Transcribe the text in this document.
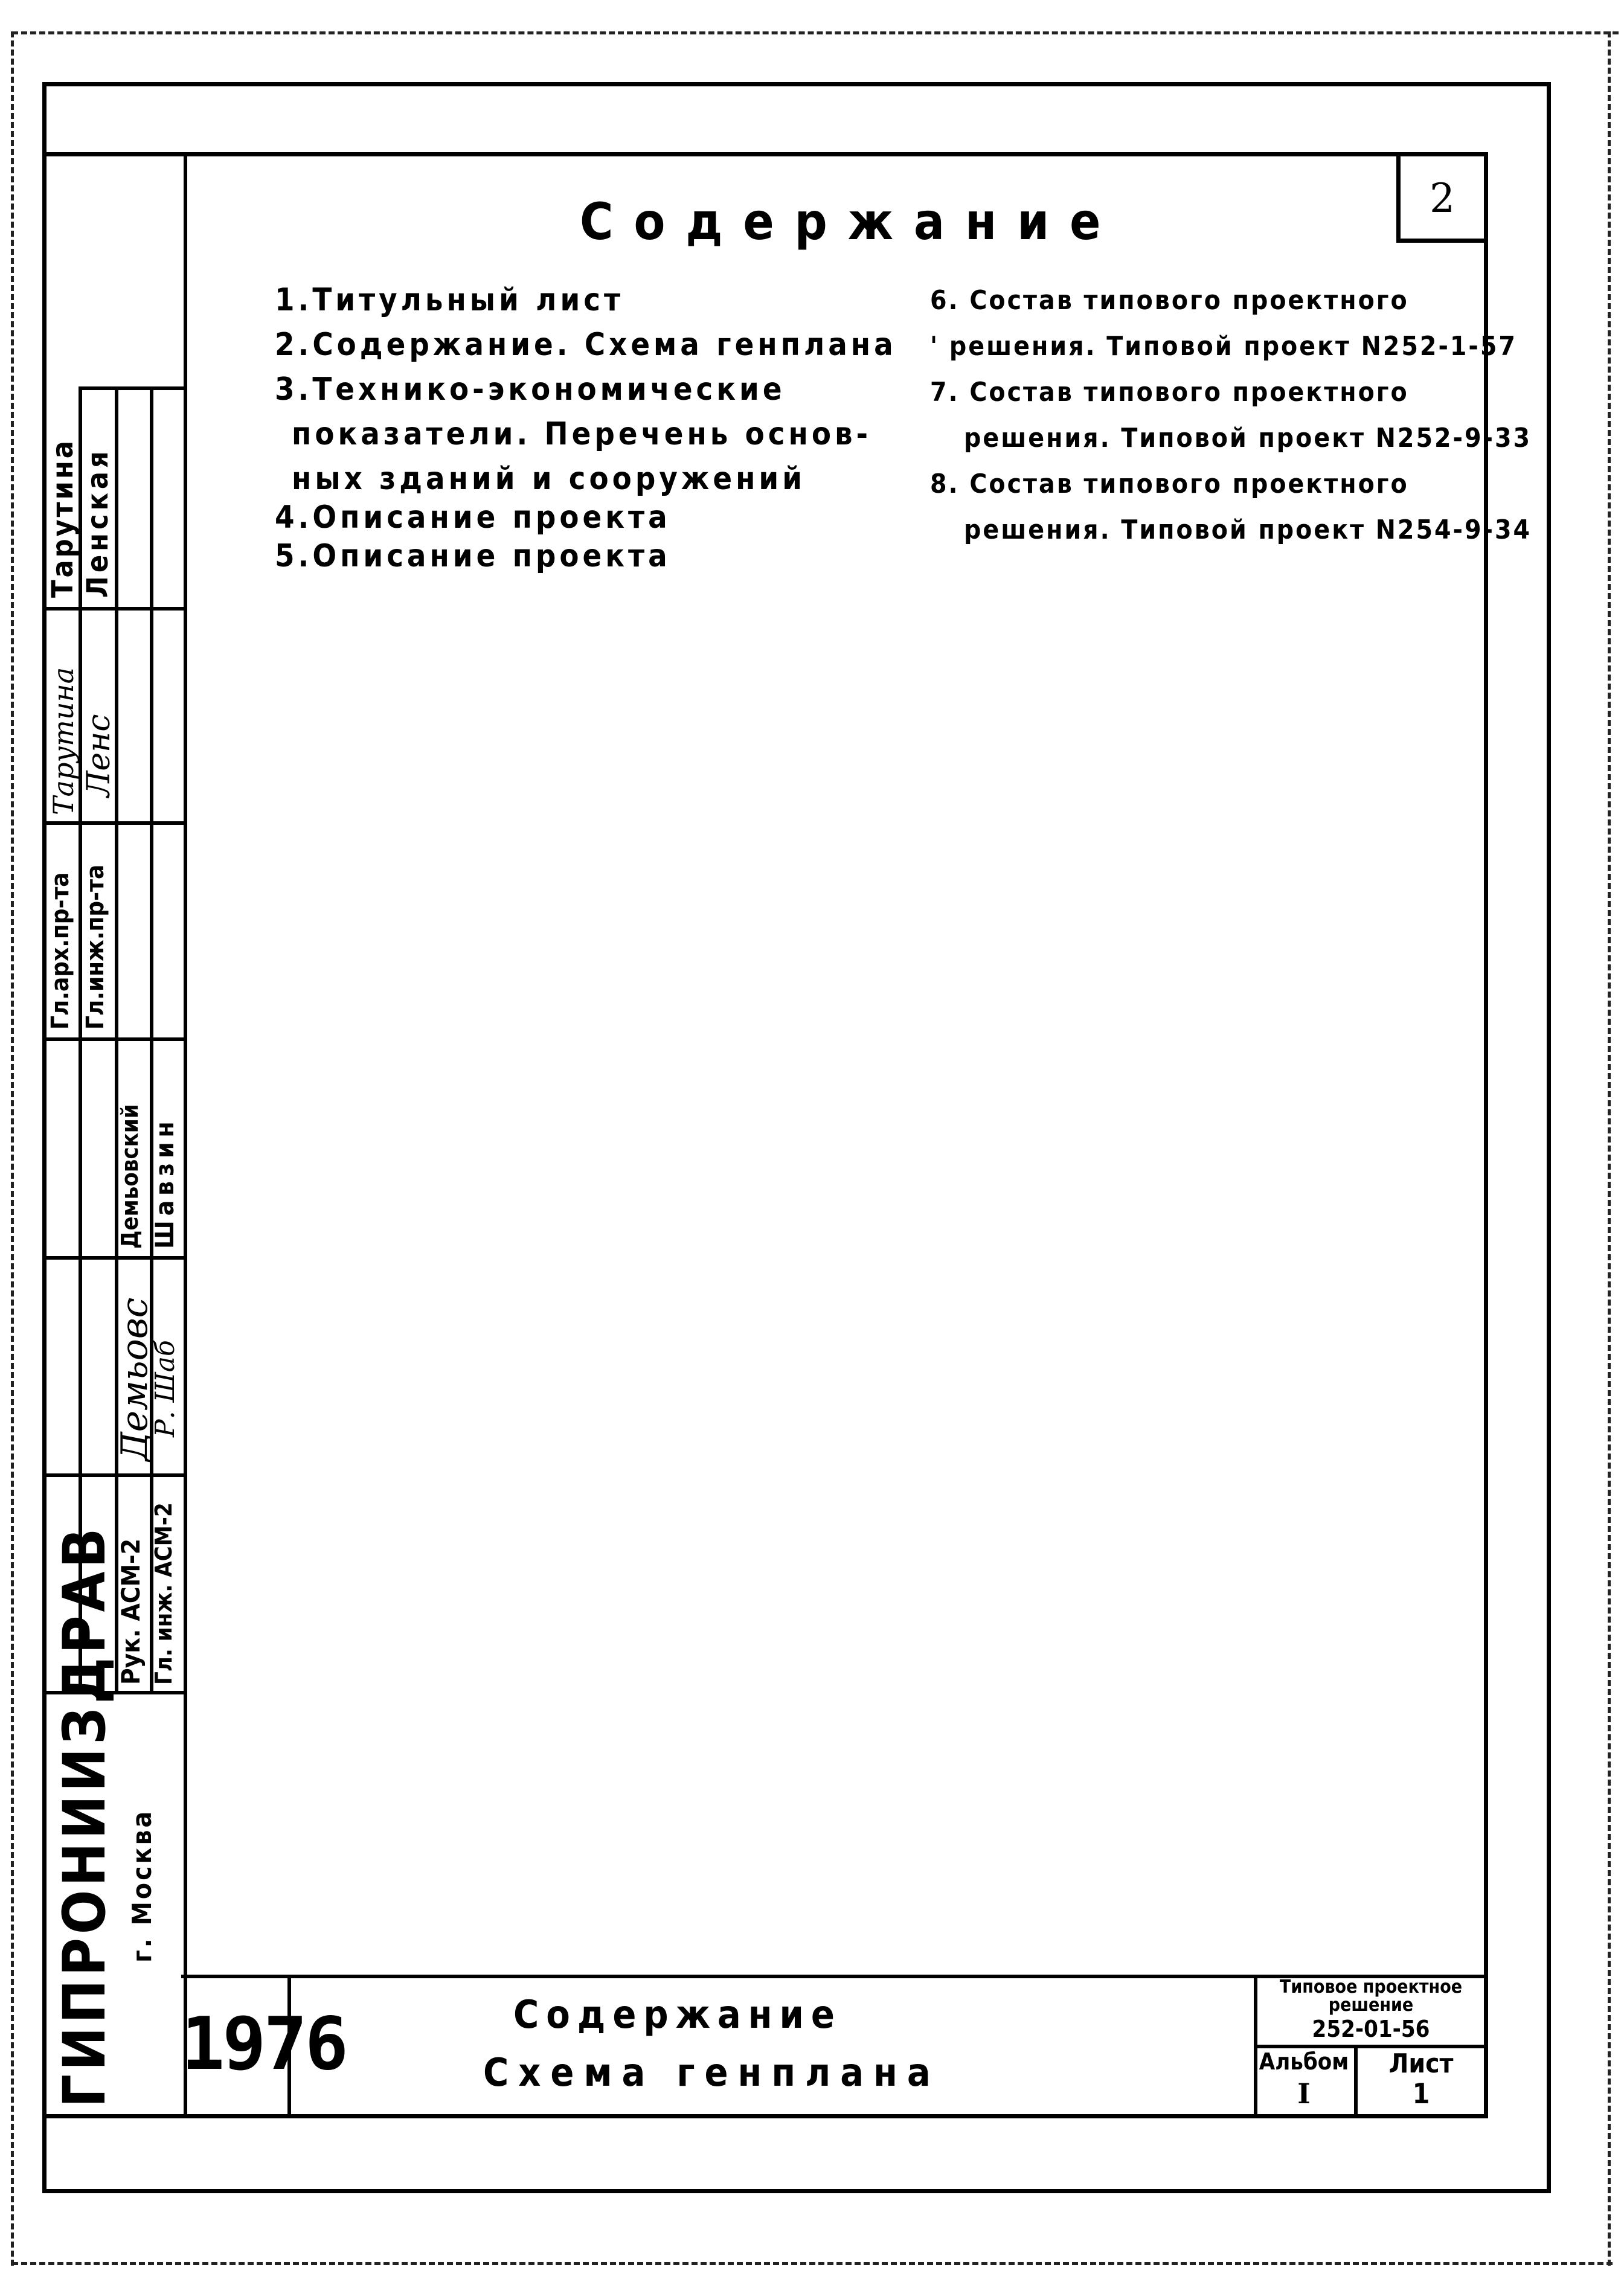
Тарутина Ленская
Тарутина Ленс
Гл.арх.пр-та Гл.инж.пр-та
Демьовский Шавзин
Демьовс
Р. Шаб
Рук. АСМ-2 Гл. инж. АСМ-2
ГИПРОНИИЗДРАВ г. Москва
2
Содержание
1.Титульный лист
2.Содержание. Схема генплана
3.Технико-экономические
показатели. Перечень основ-
ных зданий и сооружений
4.Описание проекта
5.Описание проекта
6. Состав типового проектного
' решения. Типовой проект N252-1-57
7. Состав типового проектного
решения. Типовой проект N252-9-33
8. Состав типового проектного
решения. Типовой проект N254-9-34
1976	Содержание
Схема генплана
Типовое проектное решение
252-01-56
Альбом
I
Лист
1
